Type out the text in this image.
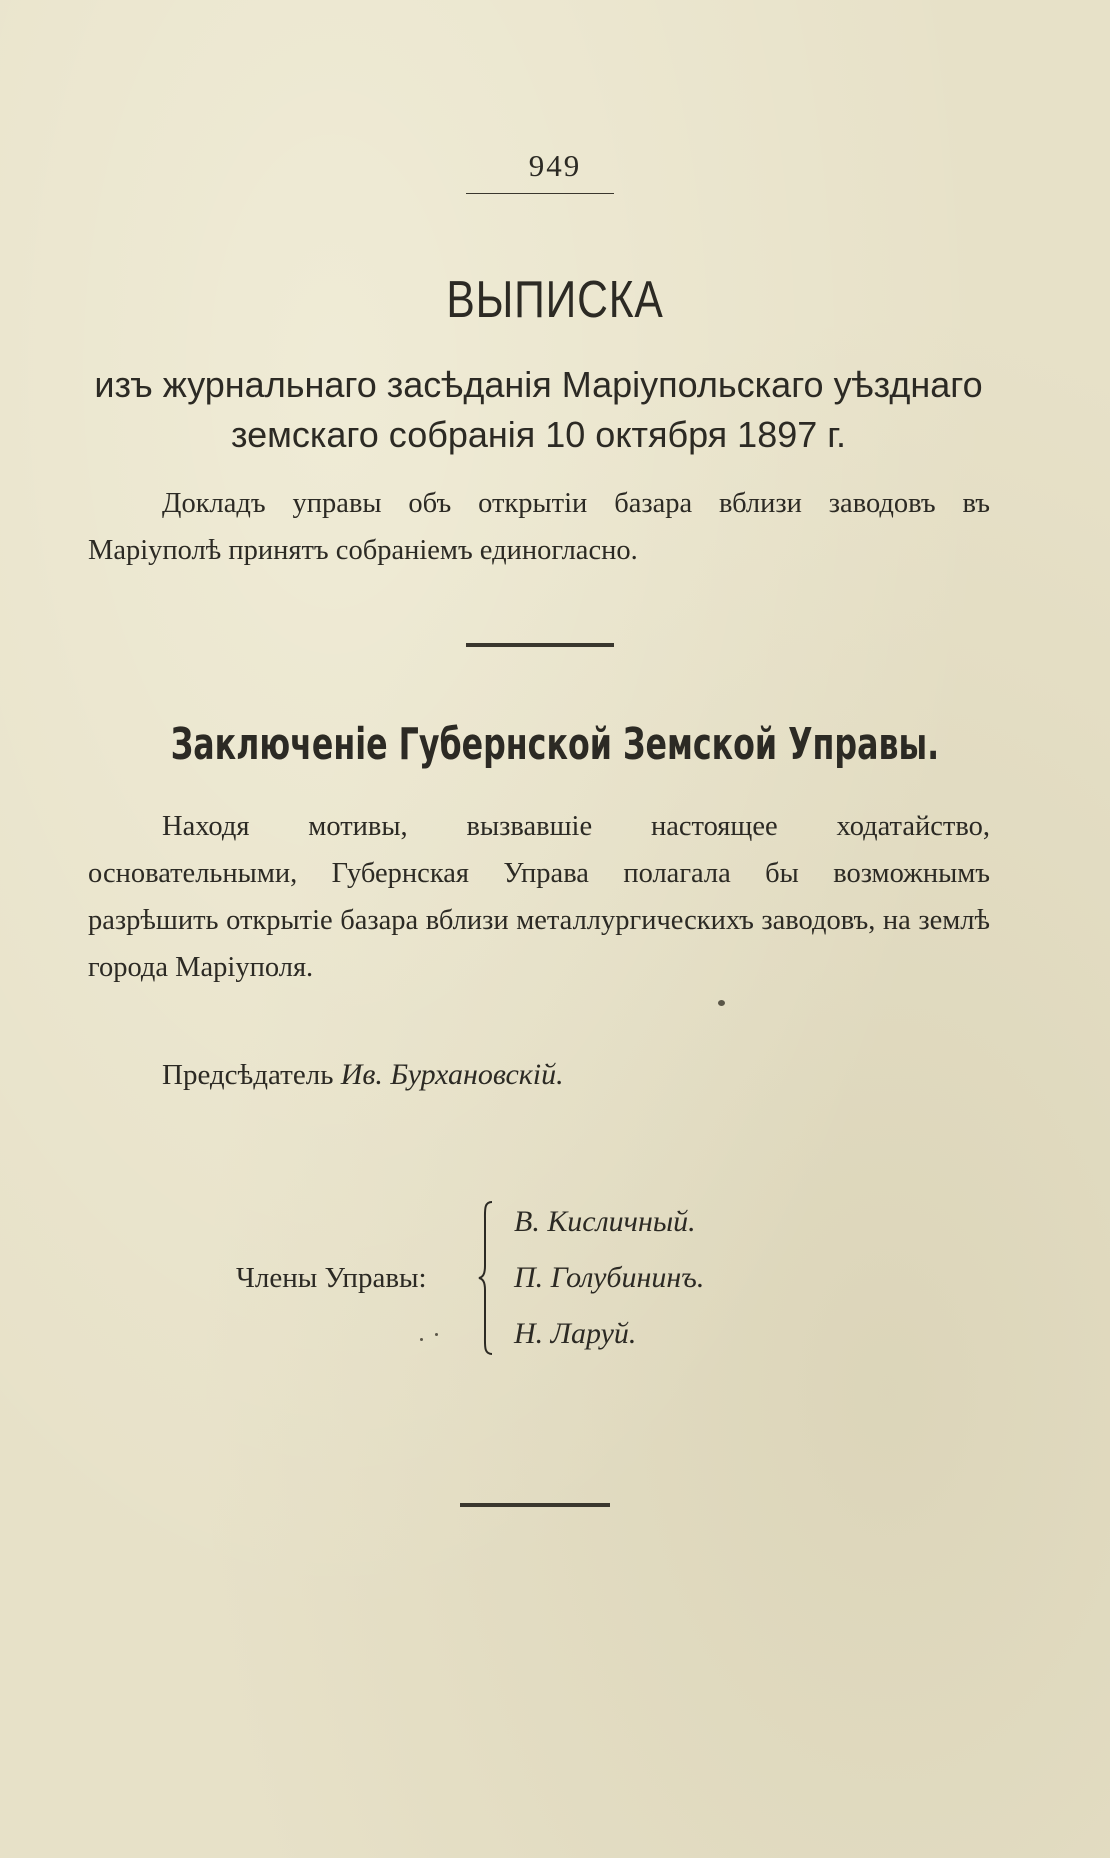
949
ВЫПИСКА
изъ журнальнаго засѣданія Маріупольскаго уѣзднаго земскаго собранія 10 октября 1897 г.
Докладъ управы объ открытіи базара вблизи заводовъ въ Маріуполѣ принятъ собраніемъ единогласно.
Заключеніе Губернской Земской Управы.
Находя мотивы, вызвавшіе настоящее ходатайство, основательными, Губернская Управа полагала бы возможнымъ разрѣшить открытіе базара вблизи металлургическихъ заводовъ, на землѣ города Маріуполя.
Предсѣдатель Ив. Бурхановскій.
Члены Управы:
В. Кисличный.
П. Голубининъ.
Н. Ларуй.
